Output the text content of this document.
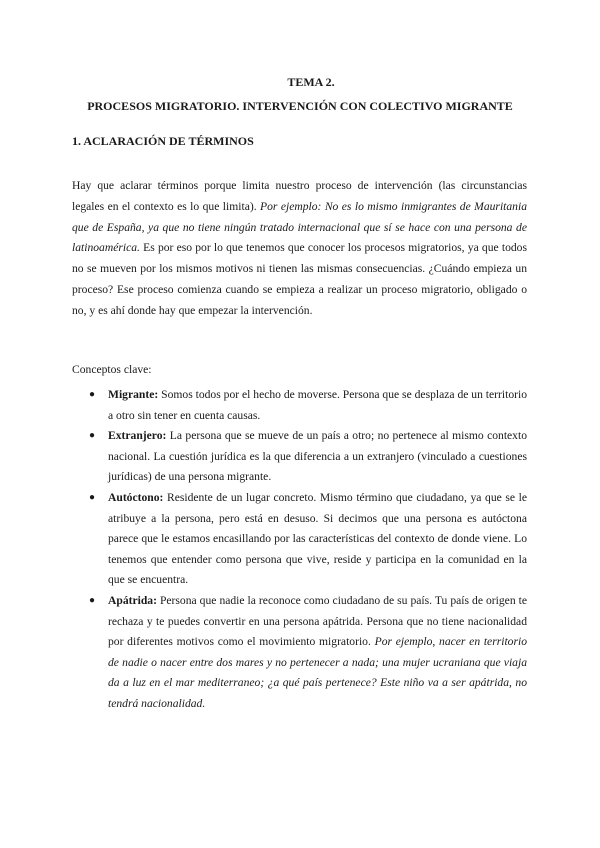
TEMA 2.
PROCESOS MIGRATORIO. INTERVENCIÓN CON COLECTIVO MIGRANTE
1. ACLARACIÓN DE TÉRMINOS

Hay que aclarar términos porque limita nuestro proceso de intervención (las circunstancias legales en el contexto es lo que limita). Por ejemplo: No es lo mismo inmigrantes de Mauritania que de España, ya que no tiene ningún tratado internacional que sí se hace con una persona de latinoamérica. Es por eso por lo que tenemos que conocer los procesos migratorios, ya que todos no se mueven por los mismos motivos ni tienen las mismas consecuencias. ¿Cuándo empieza un proceso? Ese proceso comienza cuando se empieza a realizar un proceso migratorio, obligado o no, y es ahí donde hay que empezar la intervención.

Conceptos clave:
● Migrante: Somos todos por el hecho de moverse. Persona que se desplaza de un territorio a otro sin tener en cuenta causas.
● Extranjero: La persona que se mueve de un país a otro; no pertenece al mismo contexto nacional. La cuestión jurídica es la que diferencia a un extranjero (vinculado a cuestiones jurídicas) de una persona migrante.
● Autóctono: Residente de un lugar concreto. Mismo término que ciudadano, ya que se le atribuye a la persona, pero está en desuso. Si decimos que una persona es autóctona parece que le estamos encasillando por las características del contexto de donde viene. Lo tenemos que entender como persona que vive, reside y participa en la comunidad en la que se encuentra.
● Apátrida: Persona que nadie la reconoce como ciudadano de su país. Tu país de origen te rechaza y te puedes convertir en una persona apátrida. Persona que no tiene nacionalidad por diferentes motivos como el movimiento migratorio. Por ejemplo, nacer en territorio de nadie o nacer entre dos mares y no pertenecer a nada; una mujer ucraniana que viaja da a luz en el mar mediterraneo; ¿a qué país pertenece? Este niño va a ser apátrida, no tendrá nacionalidad.
